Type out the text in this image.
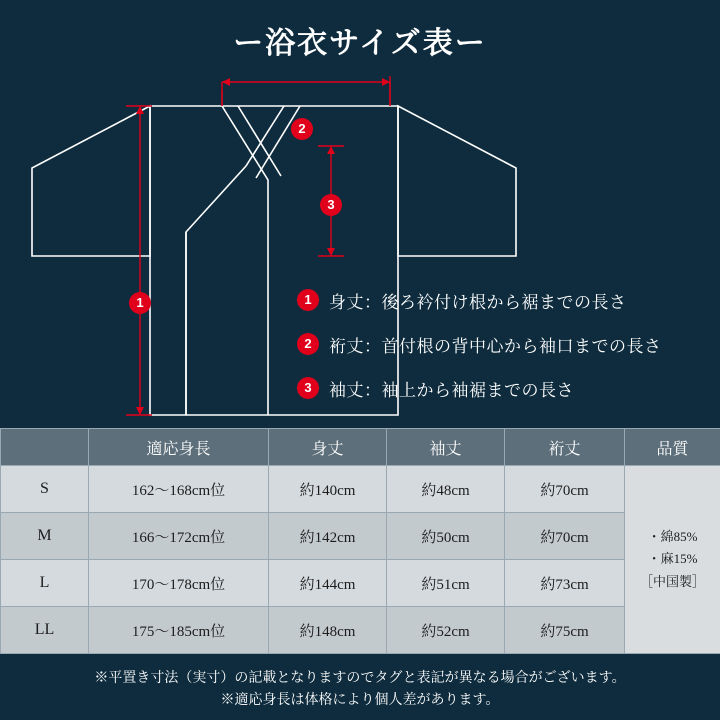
ー浴衣サイズ表ー
1
2
3
1	身丈：後ろ衿付け根から裾までの長さ
2	裄丈：首付根の背中心から袖口までの長さ
3	袖丈：袖上から袖裾までの長さ
	適応身長	身丈	袖丈	裄丈	品質
S	162〜168cm位	約140cm	約48cm	約70cm	・綿85%
・麻15%
［中国製］

M	166〜172cm位	約142cm	約50cm	約70cm	
L	170〜178cm位	約144cm	約51cm	約73cm	
LL	175〜185cm位	約148cm	約52cm	約75cm	
※平置き寸法（実寸）の記載となりますのでタグと表記が異なる場合がございます。
※適応身長は体格により個人差があります。
